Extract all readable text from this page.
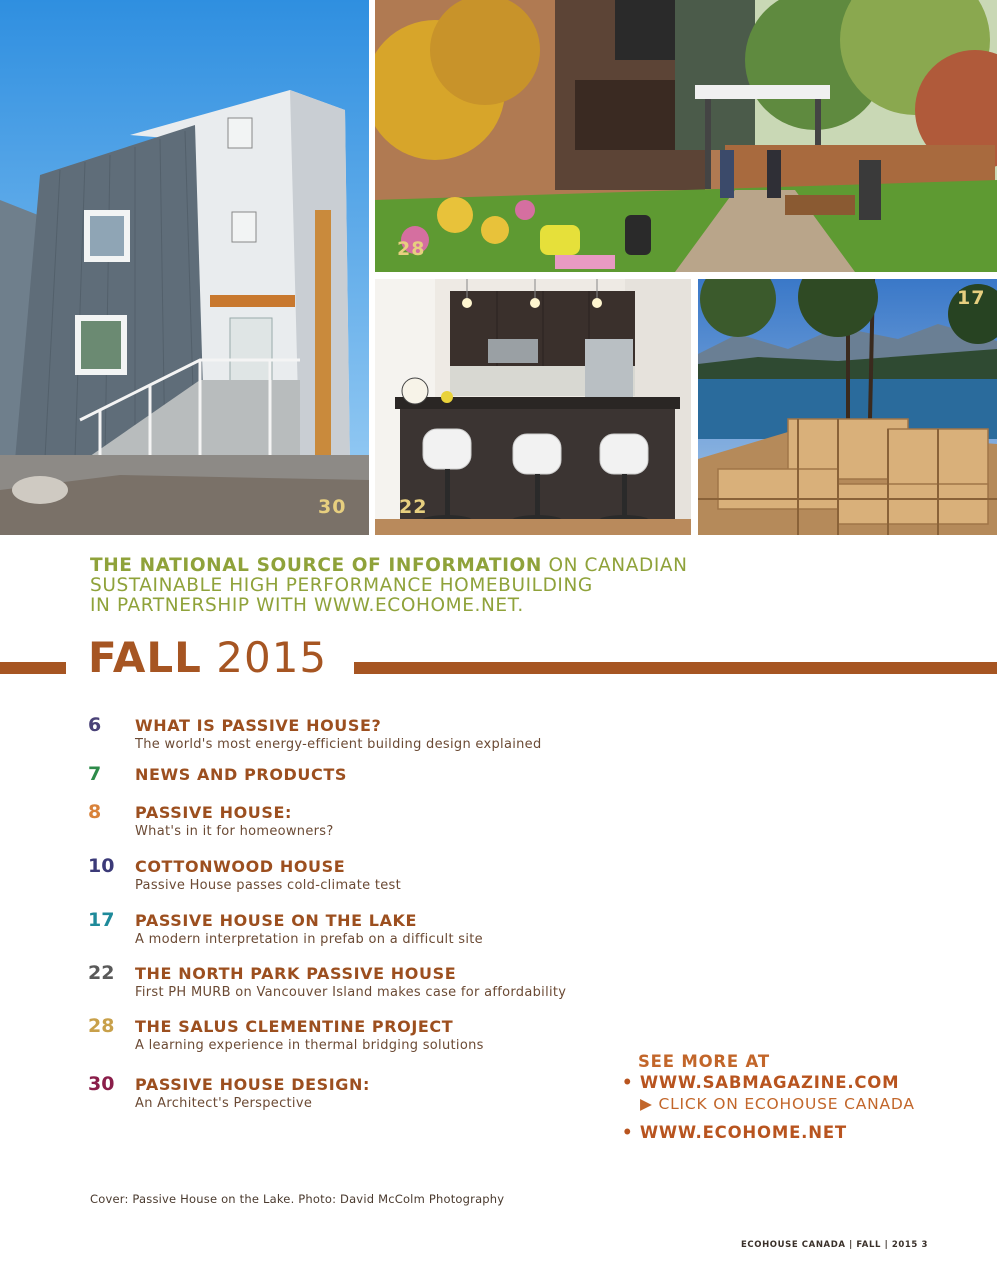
30
28
22
17
THE NATIONAL SOURCE OF INFORMATION ON CANADIAN
SUSTAINABLE HIGH PERFORMANCE HOMEBUILDING
IN PARTNERSHIP WITH WWW.ECOHOME.NET.
FALL 2015
6	WHAT IS PASSIVE HOUSE?
The world's most energy-efficient building design explained
7	NEWS AND PRODUCTS
8	PASSIVE HOUSE:
What's in it for homeowners?
10	COTTONWOOD HOUSE
Passive House passes cold-climate test
17	PASSIVE HOUSE ON THE LAKE
A modern interpretation in prefab on a difficult site
22	THE NORTH PARK PASSIVE HOUSE
First PH MURB on Vancouver Island makes case for affordability
28	THE SALUS CLEMENTINE PROJECT
A learning experience in thermal bridging solutions
30	PASSIVE HOUSE DESIGN:
An Architect's Perspective
SEE MORE AT
• WWW.SABMAGAZINE.COM
▶ CLICK ON ECOHOUSE CANADA
• WWW.ECOHOME.NET
Cover: Passive House on the Lake. Photo: David McColm Photography
ECOHOUSE CANADA | FALL | 2015 3
